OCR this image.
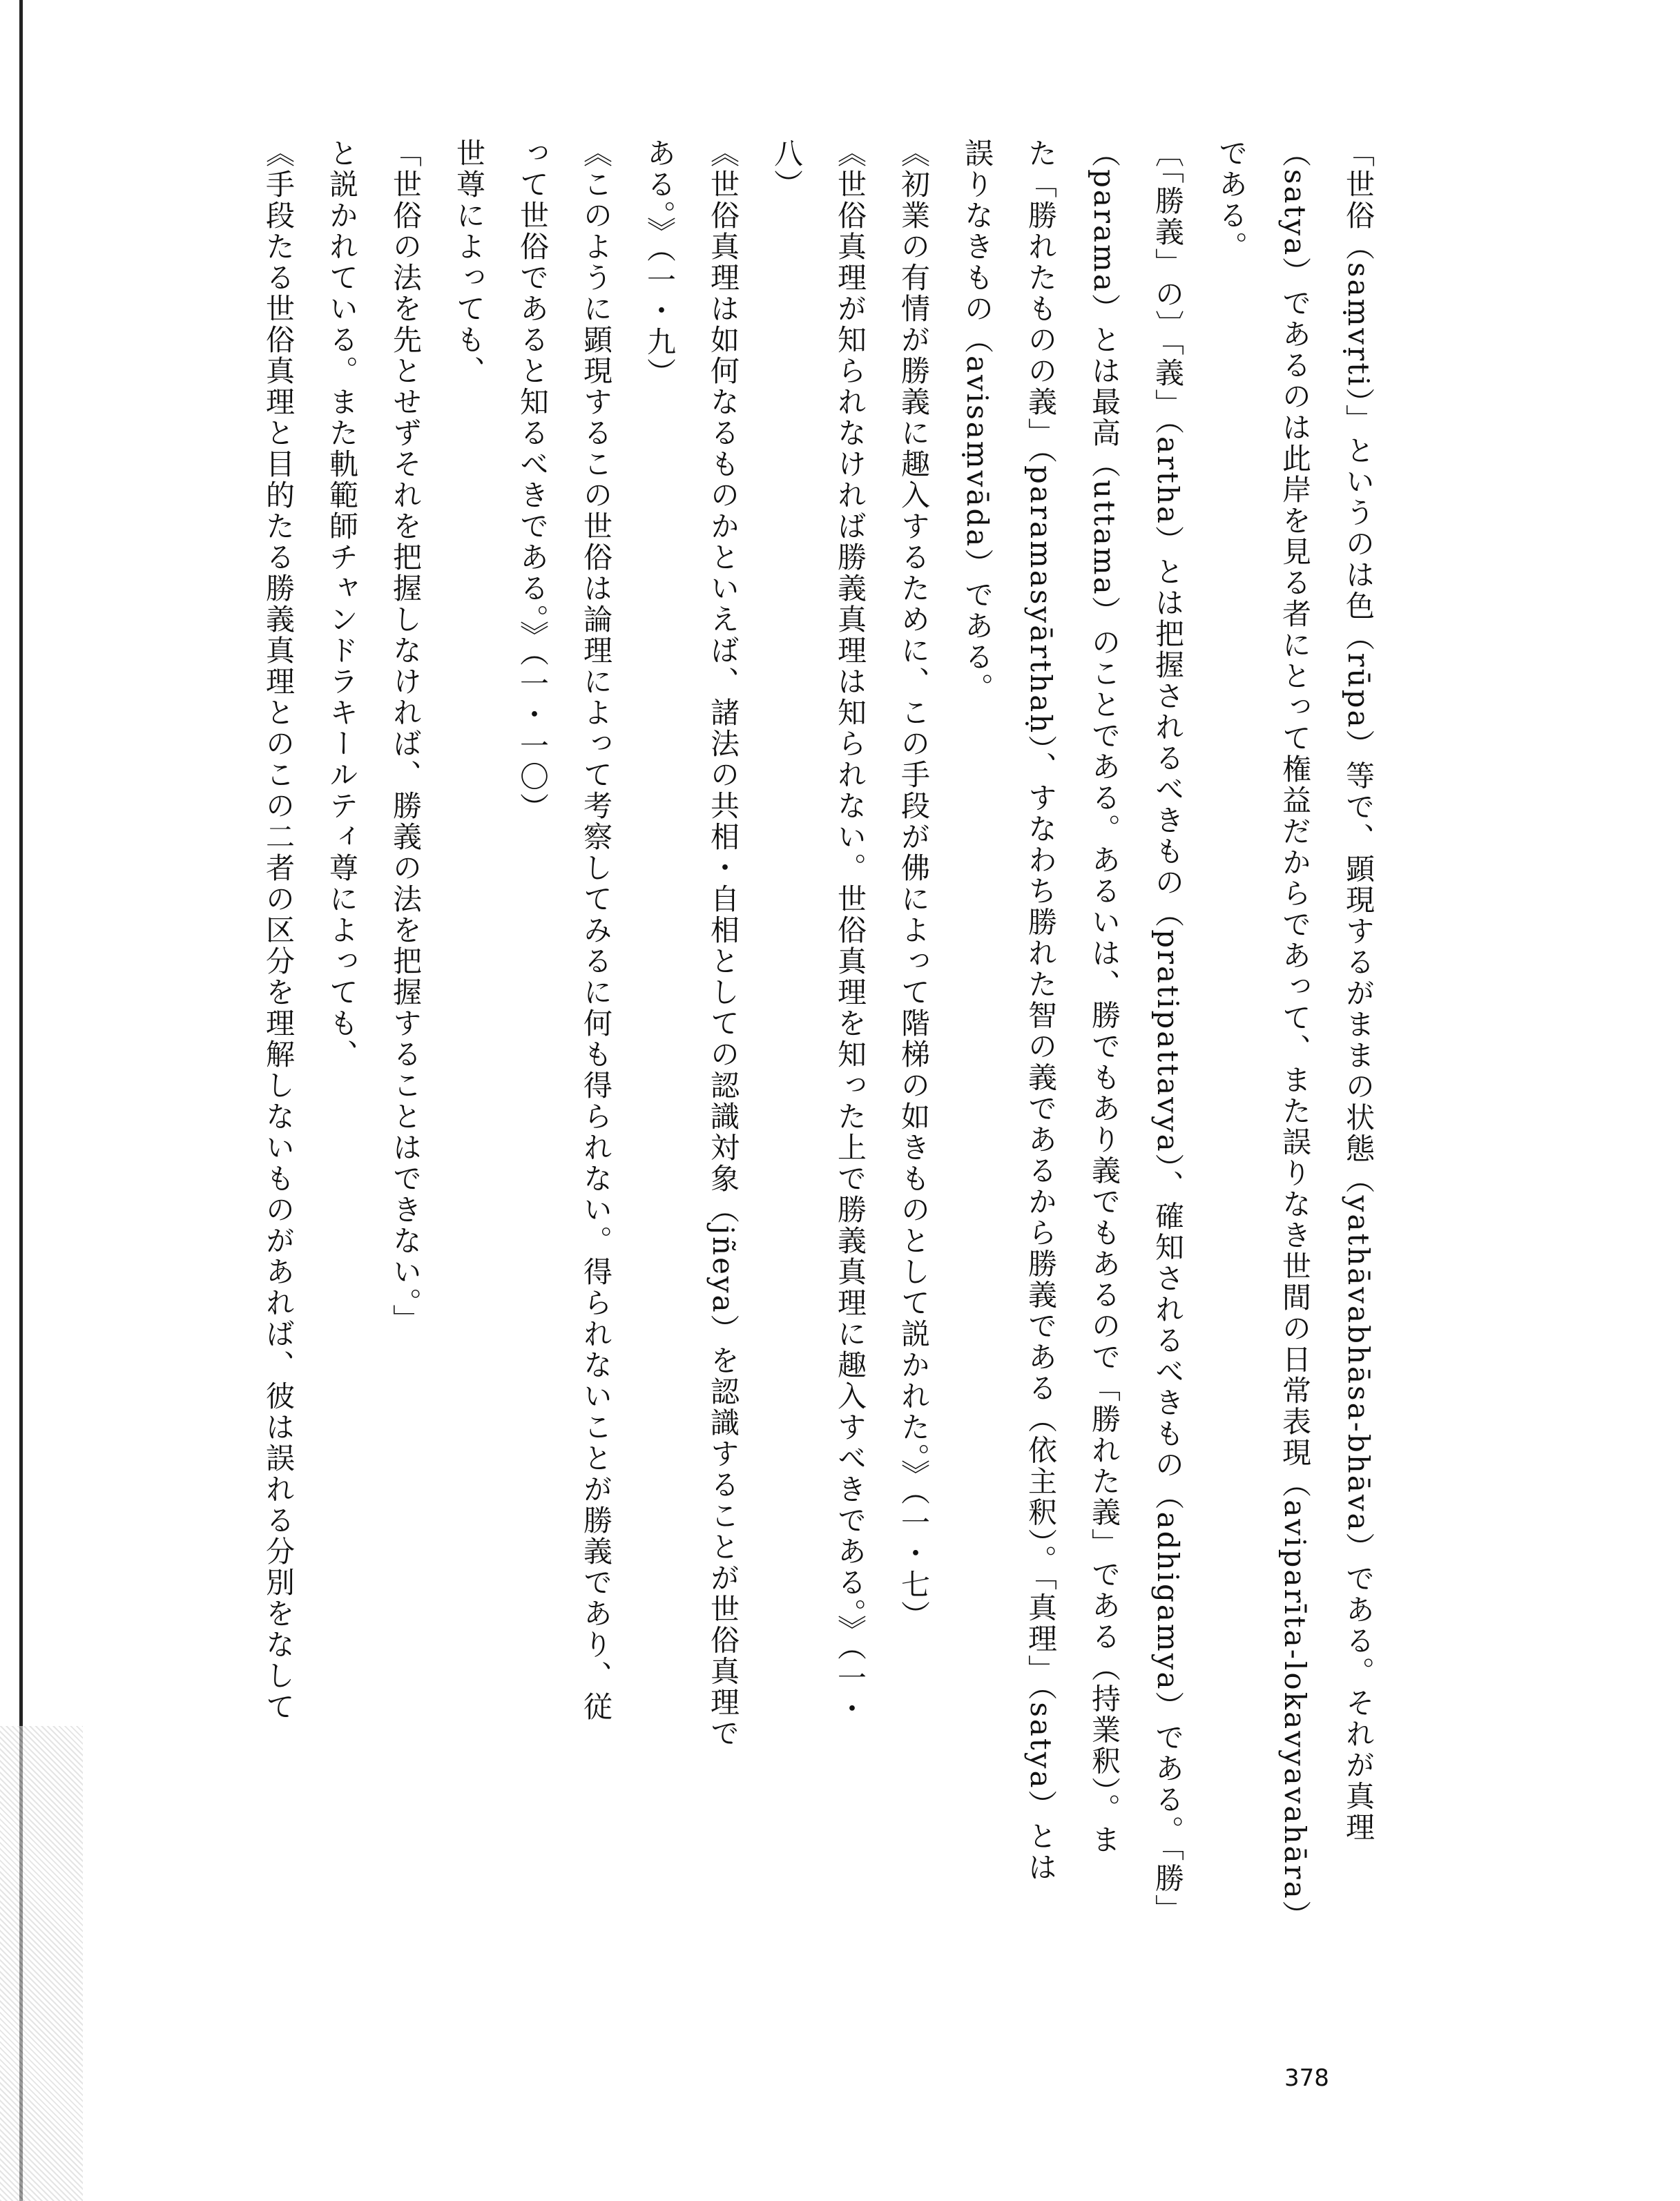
「世俗（saṃvṛti）」というのは色（rūpa）等で、顕現するがままの状態（yathāvabhāsa-bhāva）である。それが真理
（satya）であるのは此岸を見る者にとって権益だからであって、また誤りなき世間の日常表現（aviparīta-lokavyavahāra）
である。
〔「勝義」の〕「義」（artha）とは把握されるべきもの（pratipattavya）、確知されるべきもの（adhigamya）である。「勝」
（parama）とは最高（uttama）のことである。あるいは、勝でもあり義でもあるので「勝れた義」である（持業釈）。ま
た「勝れたものの義」（paramasyārthaḥ）、すなわち勝れた智の義であるから勝義である（依主釈）。「真理」（satya）とは
誤りなきもの（avisaṃvāda）である。
《初業の有情が勝義に趣入するために、この手段が佛によって階梯の如きものとして説かれた。》（一・七）
《世俗真理が知られなければ勝義真理は知られない。世俗真理を知った上で勝義真理に趣入すべきである。》（一・
八）
《世俗真理は如何なるものかといえば、諸法の共相・自相としての認識対象（jñeya）を認識することが世俗真理で
ある。》（一・九）
《このように顕現するこの世俗は論理によって考察してみるに何も得られない。得られないことが勝義であり、従
って世俗であると知るべきである。》（一・一〇）
世尊によっても、
「世俗の法を先とせずそれを把握しなければ、勝義の法を把握することはできない。」
と説かれている。また軌範師チャンドラキールティ尊によっても、
《手段たる世俗真理と目的たる勝義真理とのこの二者の区分を理解しないものがあれば、彼は誤れる分別をなして
378
